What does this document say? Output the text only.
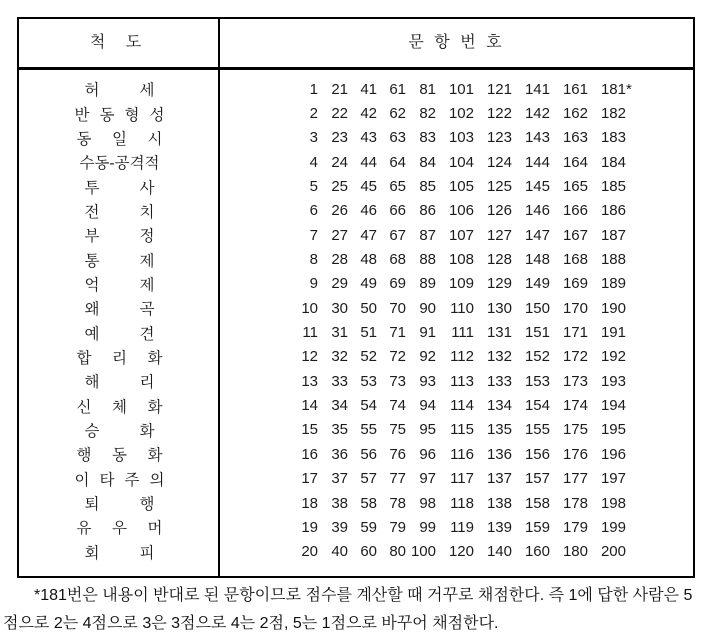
척 도	문 항 번 호
허 세	1 21 41 61 81 101 121 141 161 181*
반 동 형 성	2 22 42 62 82 102 122 142 162 182
동 일 시	3 23 43 63 83 103 123 143 163 183
수동-공격적	4 24 44 64 84 104 124 144 164 184
투 사	5 25 45 65 85 105 125 145 165 185
전 치	6 26 46 66 86 106 126 146 166 186
부 정	7 27 47 67 87 107 127 147 167 187
통 제	8 28 48 68 88 108 128 148 168 188
억 제	9 29 49 69 89 109 129 149 169 189
왜 곡	10 30 50 70 90 110 130 150 170 190
예 견	11 31 51 71 91 111 131 151 171 191
합 리 화	12 32 52 72 92 112 132 152 172 192
해 리	13 33 53 73 93 113 133 153 173 193
신 체 화	14 34 54 74 94 114 134 154 174 194
승 화	15 35 55 75 95 115 135 155 175 195
행 동 화	16 36 56 76 96 116 136 156 176 196
이 타 주 의	17 37 57 77 97 117 137 157 177 197
퇴 행	18 38 58 78 98 118 138 158 178 198
유 우 머	19 39 59 79 99 119 139 159 179 199
회 피	20 40 60 80 100 120 140 160 180 200
*181번은 내용이 반대로 된 문항이므로 점수를 계산할 때 거꾸로 채점한다. 즉 1에 답한 사람은 5
점으로 2는 4점으로 3은 3점으로 4는 2점, 5는 1점으로 바꾸어 채점한다.
